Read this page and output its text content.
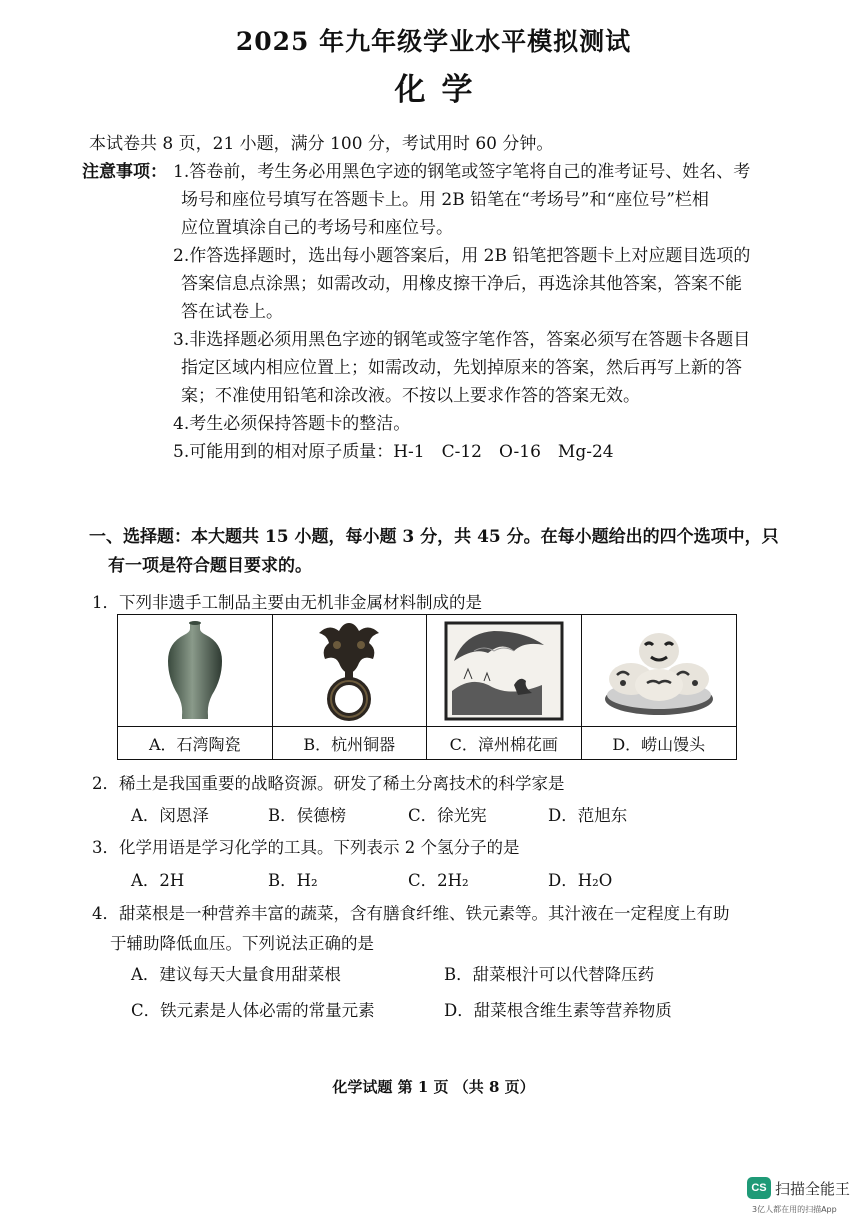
2025 年九年级学业水平模拟测试
化学
本试卷共 8 页，21 小题，满分 100 分，考试用时 60 分钟。
注意事项： 1.答卷前，考生务必用黑色字迹的钢笔或签字笔将自己的准考证号、姓名、考
场号和座位号填写在答题卡上。用 2B 铅笔在“考场号”和“座位号”栏相
应位置填涂自己的考场号和座位号。
2.作答选择题时，选出每小题答案后，用 2B 铅笔把答题卡上对应题目选项的
答案信息点涂黑；如需改动，用橡皮擦干净后，再选涂其他答案，答案不能
答在试卷上。
3.非选择题必须用黑色字迹的钢笔或签字笔作答，答案必须写在答题卡各题目
指定区域内相应位置上；如需改动，先划掉原来的答案，然后再写上新的答
案；不准使用铅笔和涂改液。不按以上要求作答的答案无效。
4.考生必须保持答题卡的整洁。
5.可能用到的相对原子质量：H-1　C-12　O-16　Mg-24
一、选择题：本大题共 15 小题，每小题 3 分，共 45 分。在每小题给出的四个选项中，只
有一项是符合题目要求的。
1．下列非遗手工制品主要由无机非金属材料制成的是
A．石湾陶瓷	B．杭州铜器	C．漳州棉花画	D．崂山馒头
2．稀土是我国重要的战略资源。研发了稀土分离技术的科学家是
A．闵恩泽	B．侯德榜	C．徐光宪	D．范旭东
3．化学用语是学习化学的工具。下列表示 2 个氢分子的是
A．2H	B．H₂	C．2H₂	D．H₂O
4．甜菜根是一种营养丰富的蔬菜，含有膳食纤维、铁元素等。其汁液在一定程度上有助
于辅助降低血压。下列说法正确的是
A．建议每天大量食用甜菜根	B．甜菜根汁可以代替降压药
C．铁元素是人体必需的常量元素	D．甜菜根含维生素等营养物质
化学试题 第 1 页 （共 8 页）
CS 扫描全能王
3亿人都在用的扫描App
